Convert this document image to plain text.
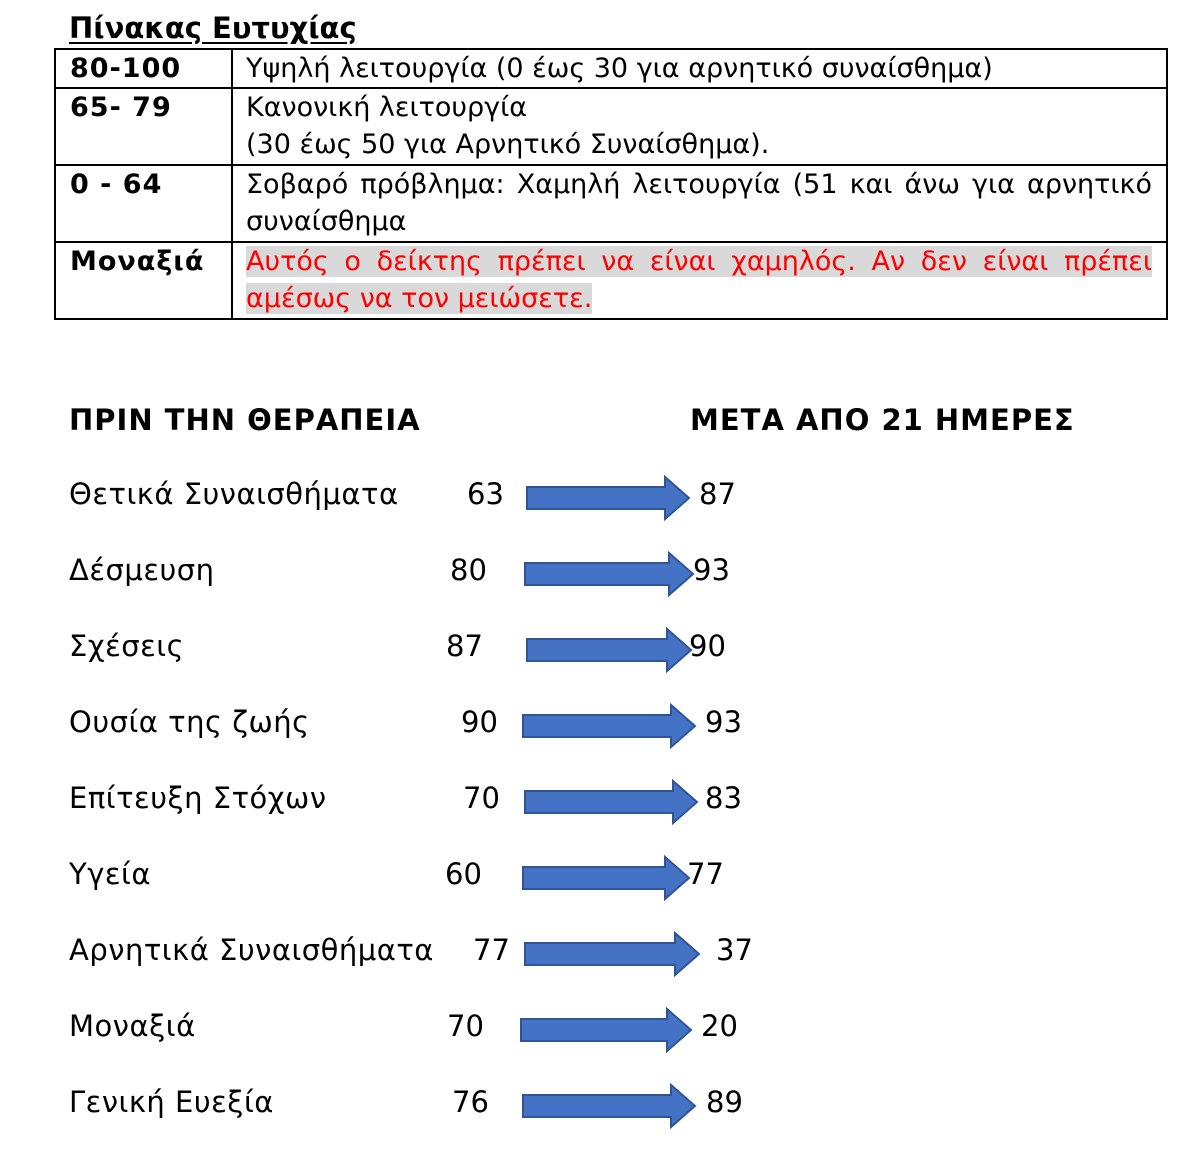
Πίνακας Ευτυχίας
80-100	Υψηλή λειτουργία (0 έως 30 για αρνητικό συναίσθημα)
65- 79	Κανονική λειτουργία
(30 έως 50 για Αρνητικό Συναίσθημα).

0 - 64	Σοβαρό πρόβλημα: Χαμηλή λειτουργία (51 και άνω για αρνητικό συναίσθημα
Μοναξιά	Αυτός ο δείκτης πρέπει να είναι χαμηλός. Αν δεν είναι πρέπει αμέσως να τον μειώσετε.
ΠΡΙΝ ΤΗΝ ΘΕΡΑΠΕΙΑ	ΜΕΤΑ ΑΠΟ 21 ΗΜΕΡΕΣ
Θετικά Συναισθήματα 63	87
Δέσμευση	80	93
Σχέσεις	87	90
Ουσία της ζωής	90	93
Επίτευξη Στόχων	70	83
Υγεία	60	77
Αρνητικά Συναισθήματα 77	37
Μοναξιά	70	20
Γενική Ευεξία	76	89
